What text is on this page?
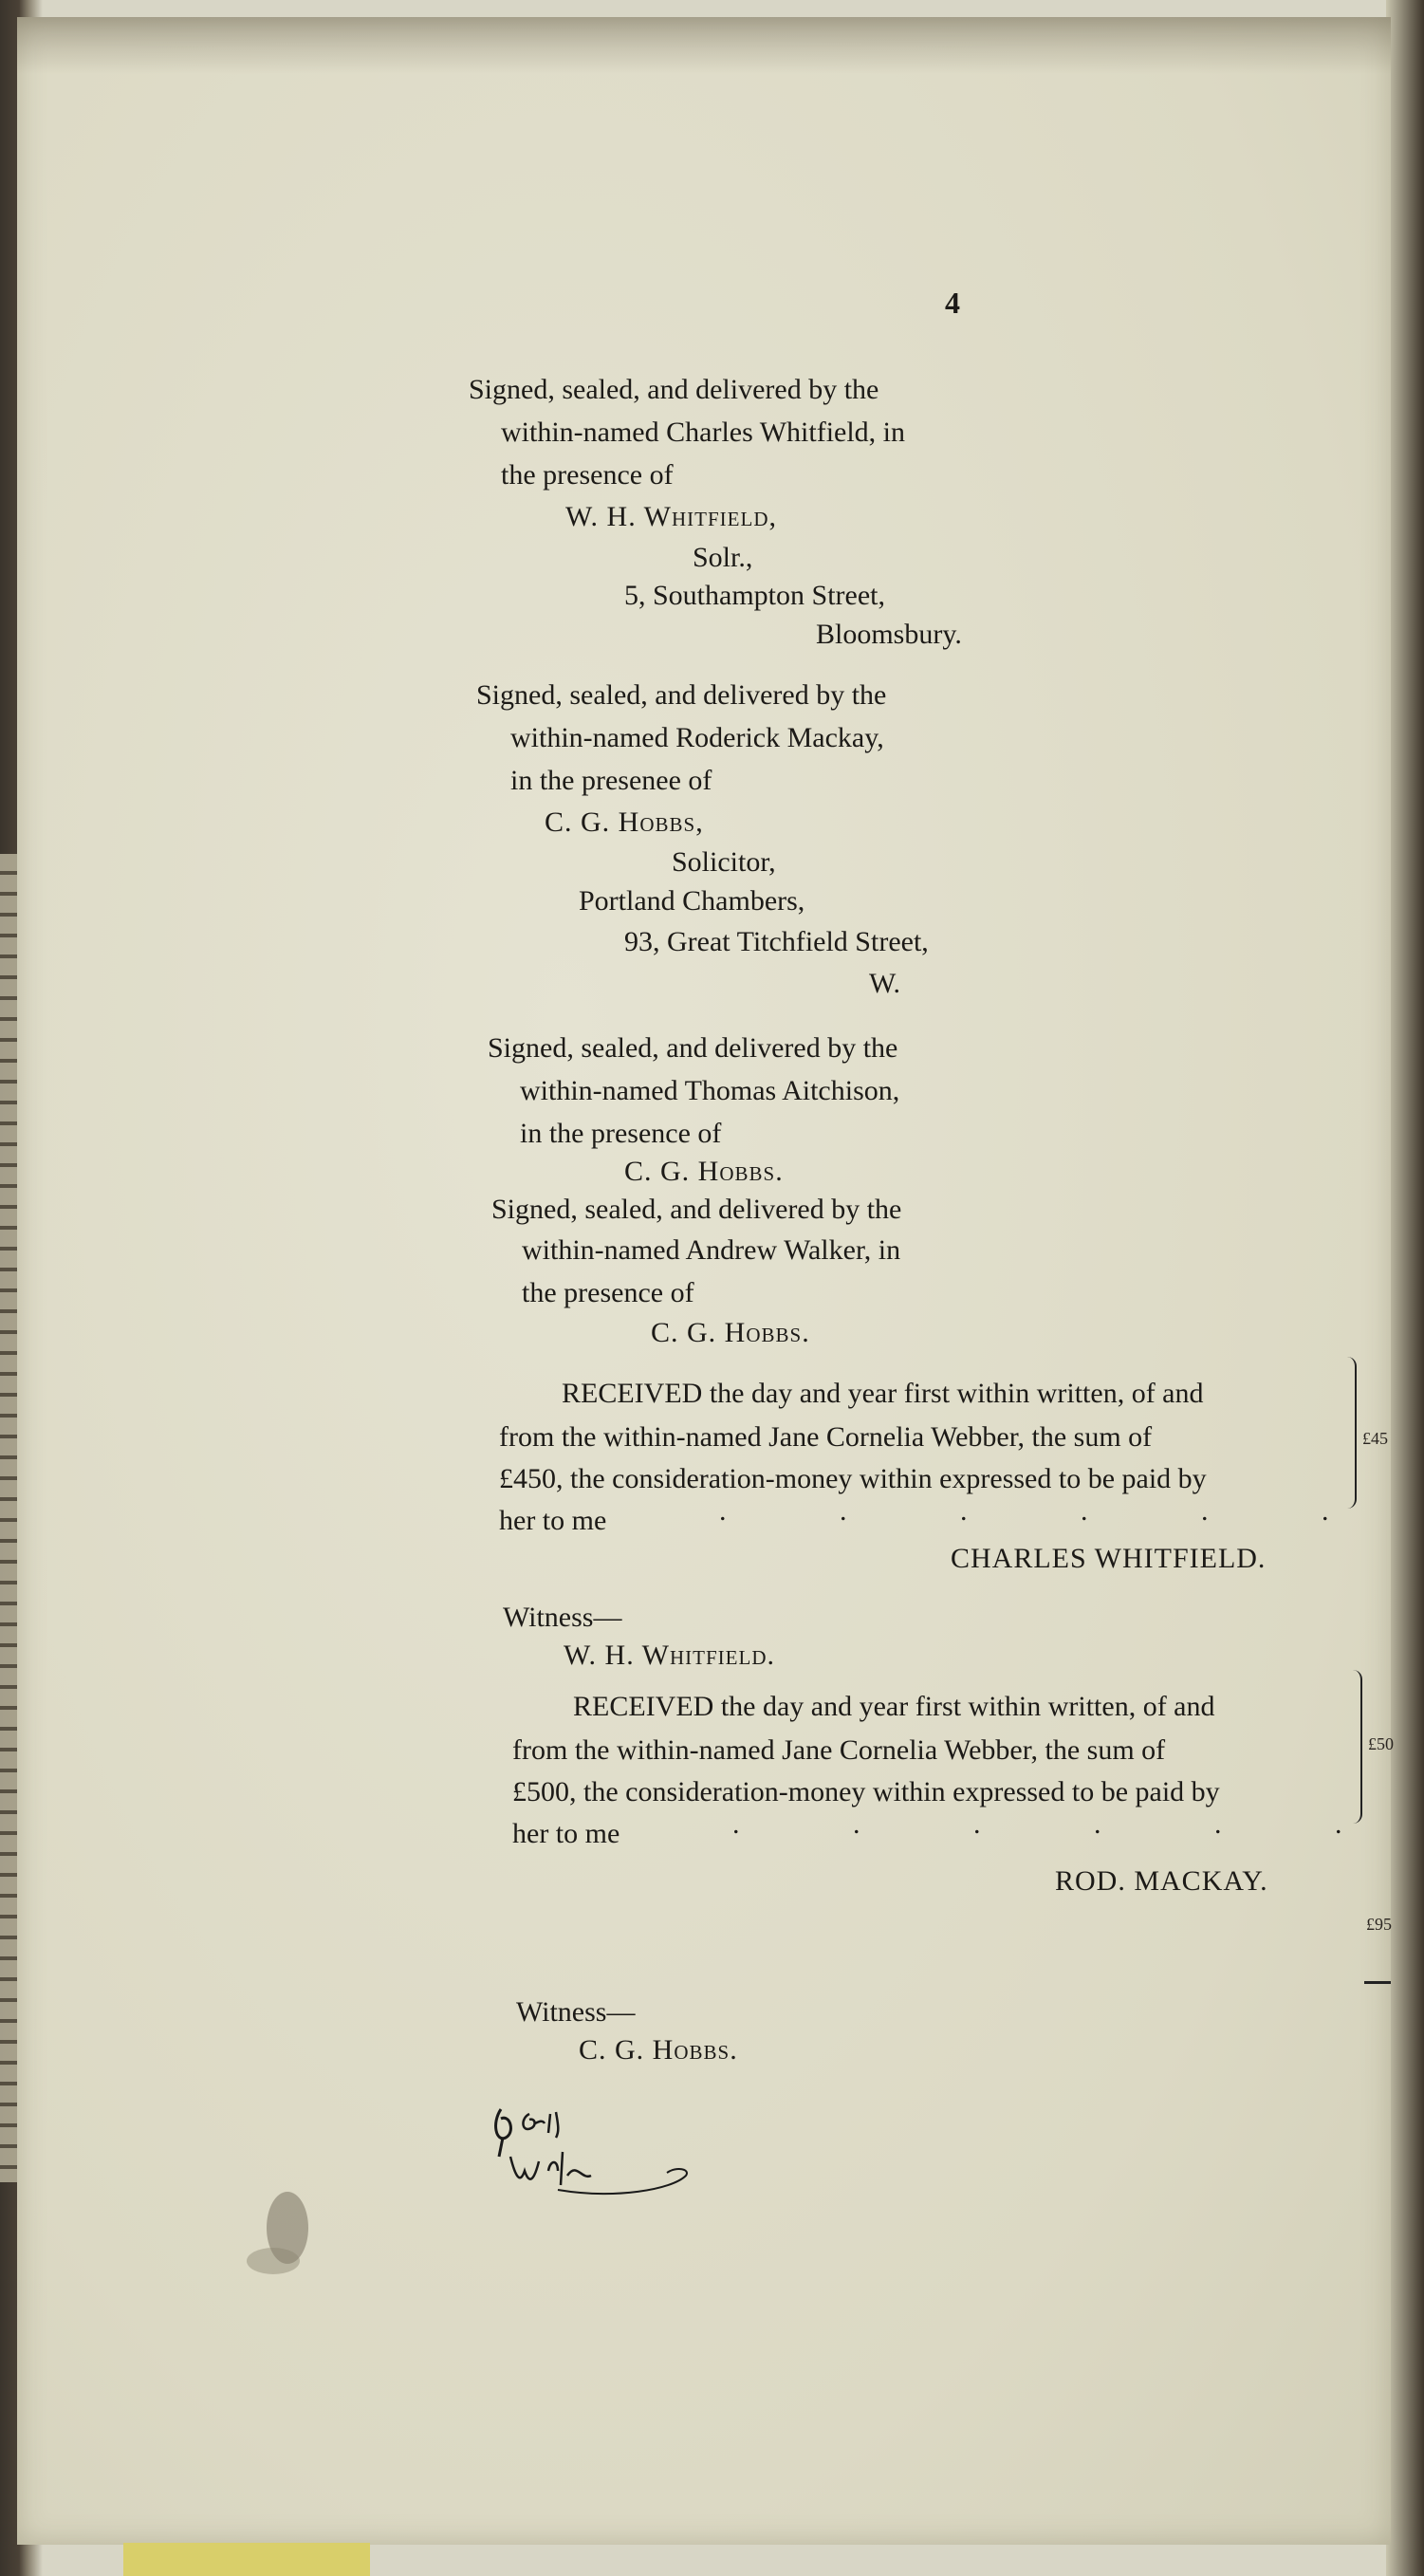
4
Signed, sealed, and delivered by the
within-named Charles Whitfield, in
the presence of
W. H. Whitfield,
Solr.,
5, Southampton Street,
Bloomsbury.
Signed, sealed, and delivered by the
within-named Roderick Mackay,
in the presenee of
C. G. Hobbs,
Solicitor,
Portland Chambers,
93, Great Titchfield Street,
W.
Signed, sealed, and delivered by the
within-named Thomas Aitchison,
in the presence of
C. G. Hobbs.
Signed, sealed, and delivered by the
within-named Andrew Walker, in
the presence of
C. G. Hobbs.
RECEIVED the day and year first within written, of and
from the within-named Jane Cornelia Webber, the sum of
£450, the consideration-money within expressed to be paid by
her to me	. . . . . .
£45
CHARLES WHITFIELD.
Witness—
W. H. Whitfield.
RECEIVED the day and year first within written, of and
from the within-named Jane Cornelia Webber, the sum of
£500, the consideration-money within expressed to be paid by
her to me	. . . . . .
£50
ROD. MACKAY.
Witness—
C. G. Hobbs.
£95
